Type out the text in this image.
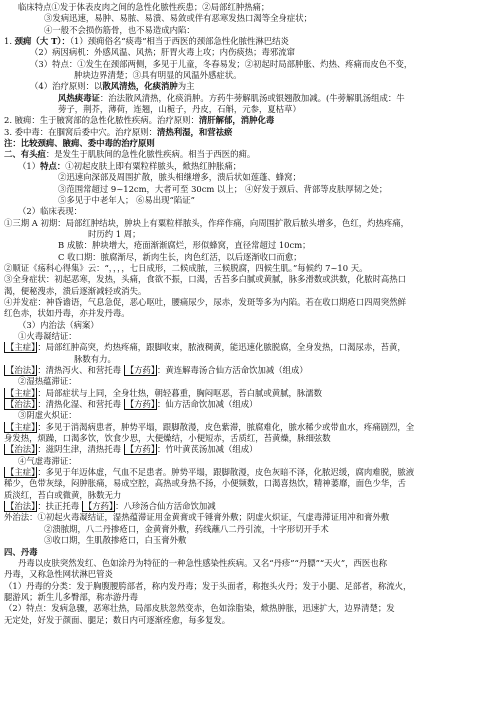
临床特点①发于体表皮肉之间的急性化脓性疾患；②局部红肿热痛；
③发病迅速，易肿、易脓、易溃、易敛或伴有恶寒发热口渴等全身症状；
④一般不会损伤筋骨，也不易造成内陷：
1. 颈痈（大 T）：（1）颈痈俗名“痰毒”相当于西医的颈部急性化脓性淋巴结炎
（2）病因病机：外感风温、风热；肝胃火毒上攻；内伤痰热；毒邪流窜
（3）特点：①发生在颈部两侧，多见于儿童，冬春易发；②初起时局部肿胀、灼热、疼痛而皮色不变，
肿块边界清楚；③具有明显的风温外感症状。
（4）治疗原则：以散风清热，化痰消肿为主
风热痰毒证：治法散风清热，化痰消肿。方药牛蒡解肌汤或银翘散加减。(牛蒡解肌汤组成：牛
蒡子，荆芥，薄荷，连翘，山栀子，丹皮，石斛，元参，夏枯草）
2. 腋痈：生于腋窝部的急性化脓性疾病。治疗原则：清肝解郁，消肿化毒
3. 委中毒：在腘窝后委中穴。治疗原则：清热利湿，和营祛瘀
注：比较颈痈、腋痈、委中毒的治疗原则
二、有头疽：是发生于肌肤间的急性化脓性疾病。相当于西医的痈。
（1）特点：①初起皮肤上即有粟粒样脓头，焮热红肿胀痛；
②迅速向深部及周围扩散，脓头相继增多，溃后状如莲蓬、蜂窝；
③范围常超过 9~12cm，大者可至 30cm 以上； ④好发于颈后、背部等皮肤厚韧之处；
⑤多见于中老年人； ⑥易出现“陷证”
（2）临床表现：
①三期 A 初期：局部红肿结块，肿块上有粟粒样脓头，作痒作痛，向周围扩散后脓头增多，色红，灼热疼痛，
时历约 1 周；
B 成脓：肿块增大，疮面渐渐腐烂，形似蜂窝，直径常超过 10cm；
C 收口期：脓腐渐尽，新肉生长，肉色红活，以后逐渐收口而愈；
②顺证《疡科心得集》云：“，，，，七日成形，二候成脓，三候脱腐，四候生肌。”每候约 7~10 天。
③全身症状：初起恶寒，发热，头痛，食欲不振，口渴，舌苔多白腻或黄腻，脉多滑数或洪数，化脓时高热口
渴，便秘溲赤，溃后逐渐减轻或消失。
④并发症：神昏谵语，气息急促，恶心呕吐，腰痛尿少，尿赤，发斑等多为内陷。若在收口期疮口四周突然鲜
红色赤，状如丹毒，亦并发丹毒。
（3）内治法（病案）
①火毒凝结证：
【主症】 ：局部红肿高突，灼热疼痛，跟脚收束，脓液稠黄，能迅速化脓脱腐，全身发热，口渴尿赤，苔黄，
脉数有力。
【治法】 ：清热泻火、和营托毒 【方药】 ：黄连解毒汤合仙方活命饮加减（组成）
②湿热蕴滞证：
【主症】 ：局部症状与上同，全身壮热，朝轻暮重，胸闷呕恶，苔白腻或黄腻，脉濡数
【治法】 ：清热化湿、和营托毒 【方药】 ：仙方活命饮加减（组成）
③阴虚火炽证：
【主症】 ：多见于消渴病患者，肿势平塌，跟脚散漫，皮色紫滞，脓腐难化，脓水稀少或带血水，疼痛剧烈，全
身发热，烦躁，口渴多饮，饮食少思，大便燥结，小便短赤，舌质红，苔黄燥，脉细弦数
【治法】 ：滋阴生津，清热托毒 【方药】 ：竹叶黄芪汤加减（组成）
④气虚毒滞证：
【主症】 ：多见于年迈体虚，气血不足患者。肿势平塌，跟脚散漫，皮色灰暗不泽，化脓迟缓，腐肉难脱，脓液
稀少，色带灰绿，闷肿胀痛，易成空腔，高热或身热不扬，小便频数，口渴喜热饮，精神萎靡，面色少华，舌
质淡红，苔白或微黄，脉数无力
【治法】 ：扶正托毒 【方药】 ：八珍汤合仙方活命饮加减
外治法：①初起火毒凝结证，湿热蕴滞证用金黄膏或千锤膏外敷；阴虚火炽证，气虚毒滞证用冲和膏外敷
②溃脓期，八二丹掺疮口，金黄膏外敷，药线蘸八二丹引流，十字形切开手术
③收口期，生肌散掺疮口，白玉膏外敷
四、丹毒
丹毒以皮肤突然发红、色如涂丹为特征的一种急性感染性疾病。又名“丹疹”“丹膘”“天火”，西医也称
丹毒，又称急性网状淋巴管炎
（1）丹毒的分类：发于胸腹腰胯部者，称内发丹毒；发于头面者，称抱头火丹；发于小腿、足部者，称流火，
腿游风；新生儿多臀部，称赤游丹毒
（2）特点：发病急骤，恶寒壮热，局部皮肤忽然变赤，色如涂脂染，焮热肿胀，迅速扩大，边界清楚；发
无定处，好发于颜面、腿足；数日内可逐渐痊愈，每多复发。
